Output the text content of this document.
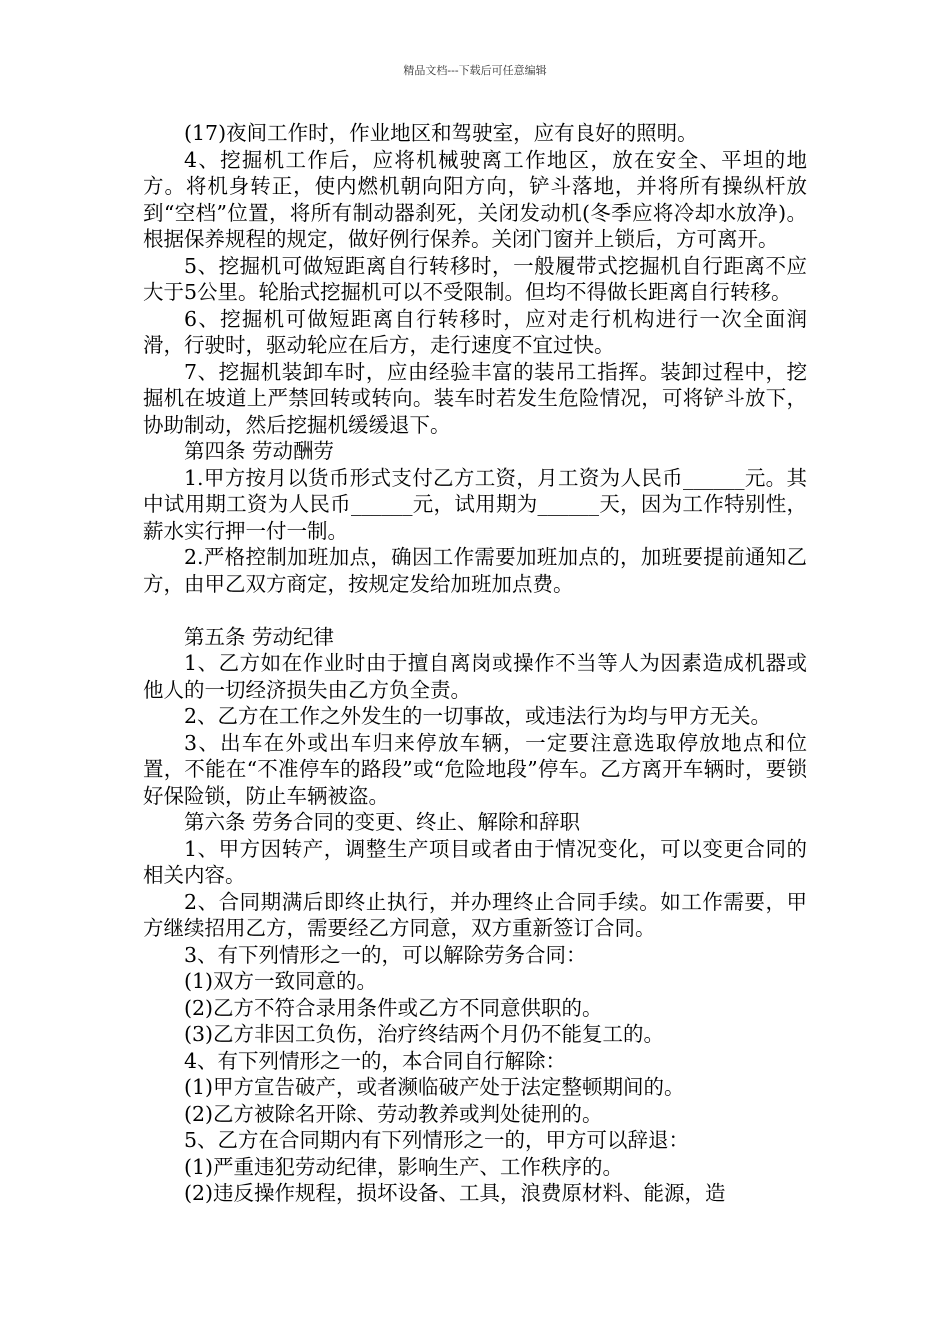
精品文档---下载后可任意编辑

(17)夜间工作时，作业地区和驾驶室，应有良好的照明。

4、挖掘机工作后，应将机械驶离工作地区，放在安全、平坦的地方。将机身转正，使内燃机朝向阳方向，铲斗落地，并将所有操纵杆放到“空档”位置，将所有制动器刹死，关闭发动机(冬季应将冷却水放净)。根据保养规程的规定，做好例行保养。关闭门窗并上锁后，方可离开。

5、挖掘机可做短距离自行转移时，一般履带式挖掘机自行距离不应大于5公里。轮胎式挖掘机可以不受限制。但均不得做长距离自行转移。

6、挖掘机可做短距离自行转移时，应对走行机构进行一次全面润滑，行驶时，驱动轮应在后方，走行速度不宜过快。

7、挖掘机装卸车时，应由经验丰富的装吊工指挥。装卸过程中，挖掘机在坡道上严禁回转或转向。装车时若发生危险情况，可将铲斗放下，协助制动，然后挖掘机缓缓退下。

第四条 劳动酬劳

1.甲方按月以货币形式支付乙方工资，月工资为人民币______元。其中试用期工资为人民币______元，试用期为______天，因为工作特别性，薪水实行押一付一制。

2.严格控制加班加点，确因工作需要加班加点的，加班要提前通知乙方，由甲乙双方商定，按规定发给加班加点费。

第五条 劳动纪律

1、乙方如在作业时由于擅自离岗或操作不当等人为因素造成机器或他人的一切经济损失由乙方负全责。

2、乙方在工作之外发生的一切事故，或违法行为均与甲方无关。

3、出车在外或出车归来停放车辆，一定要注意选取停放地点和位置，不能在“不准停车的路段”或“危险地段”停车。乙方离开车辆时，要锁好保险锁，防止车辆被盗。

第六条 劳务合同的变更、终止、解除和辞职

1、甲方因转产，调整生产项目或者由于情况变化，可以变更合同的相关内容。

2、合同期满后即终止执行，并办理终止合同手续。如工作需要，甲方继续招用乙方，需要经乙方同意，双方重新签订合同。

3、有下列情形之一的，可以解除劳务合同：

(1)双方一致同意的。

(2)乙方不符合录用条件或乙方不同意供职的。

(3)乙方非因工负伤，治疗终结两个月仍不能复工的。

4、有下列情形之一的，本合同自行解除：

(1)甲方宣告破产，或者濒临破产处于法定整顿期间的。

(2)乙方被除名开除、劳动教养或判处徒刑的。

5、乙方在合同期内有下列情形之一的，甲方可以辞退：

(1)严重违犯劳动纪律，影响生产、工作秩序的。

(2)违反操作规程，损坏设备、工具，浪费原材料、能源，造
